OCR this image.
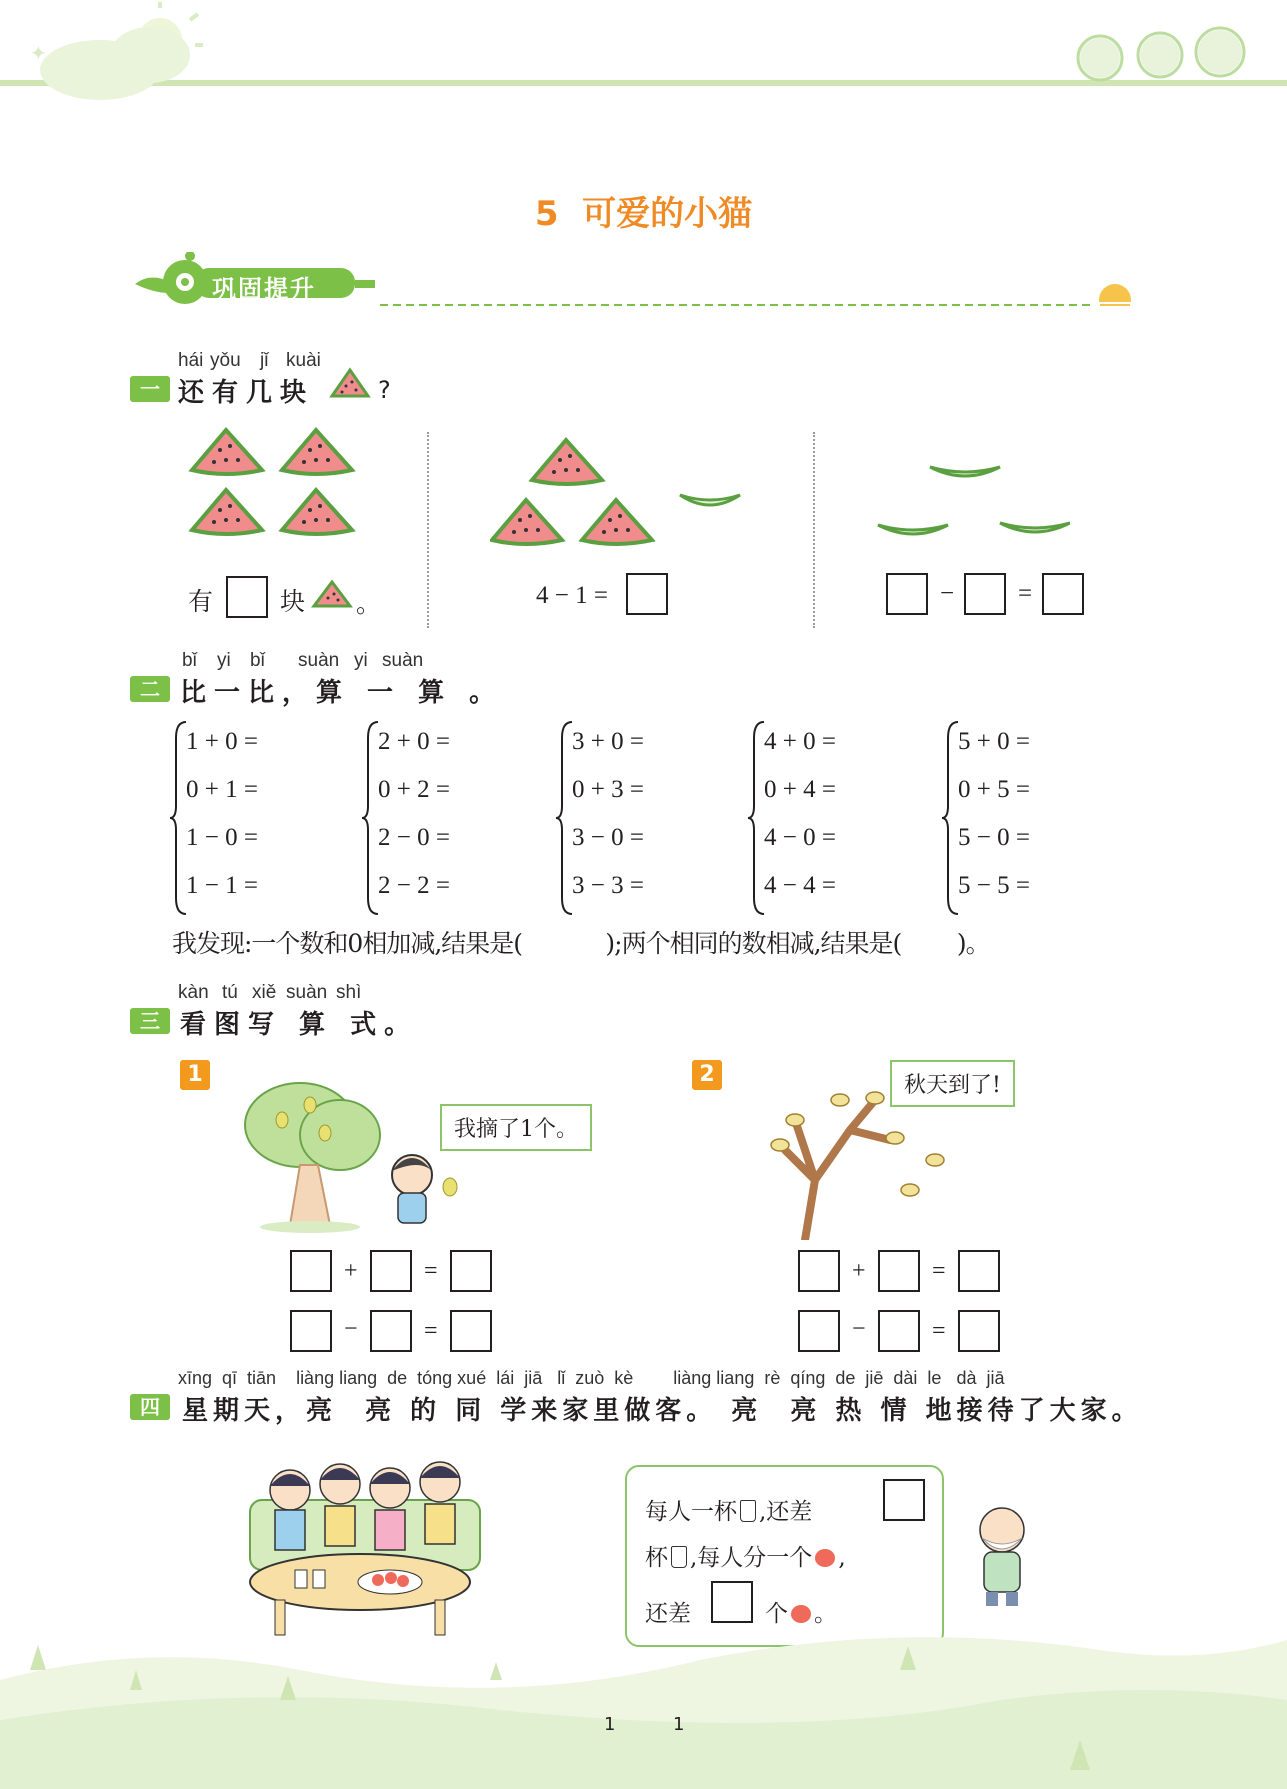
✦
5  可爱的小猫
巩固提升
一
hái yǒu jǐ kuài
还有几块	?
有	块 。	4 − 1 =	−	=
二
bǐ yi bǐ suàn yi suàn
比一比，算 一 算 。
1 + 0 =
0 + 1 =
1 − 0 =
1 − 1 =
2 + 0 =
0 + 2 =
2 − 0 =
2 − 2 =
3 + 0 =
0 + 3 =
3 − 0 =
3 − 3 =
4 + 0 =
0 + 4 =
4 − 0 =
4 − 4 =
5 + 0 =
0 + 5 =
5 − 0 =
5 − 5 =
我发现:一个数和0相加减,结果是(            );两个相同的数相减,结果是(        )。
三
kàn tú xiě suàn shì
看图写 算 式。
1
我摘了1个。
+	=
−	=
2	秋天到了!
+	=
−	=
四
xīng  qī  tiān    liàng liang  de  tóng xué  lái  jiā   lǐ  zuò  kè        liàng liang  rè  qíng  de  jiē  dài  le   dà  jiā
星期天，亮  亮 的 同 学来家里做客。 亮  亮 热 情 地接待了大家。
每人一杯 ,还差
杯 ,每人分一个 ,
还差	个 。
1	1
